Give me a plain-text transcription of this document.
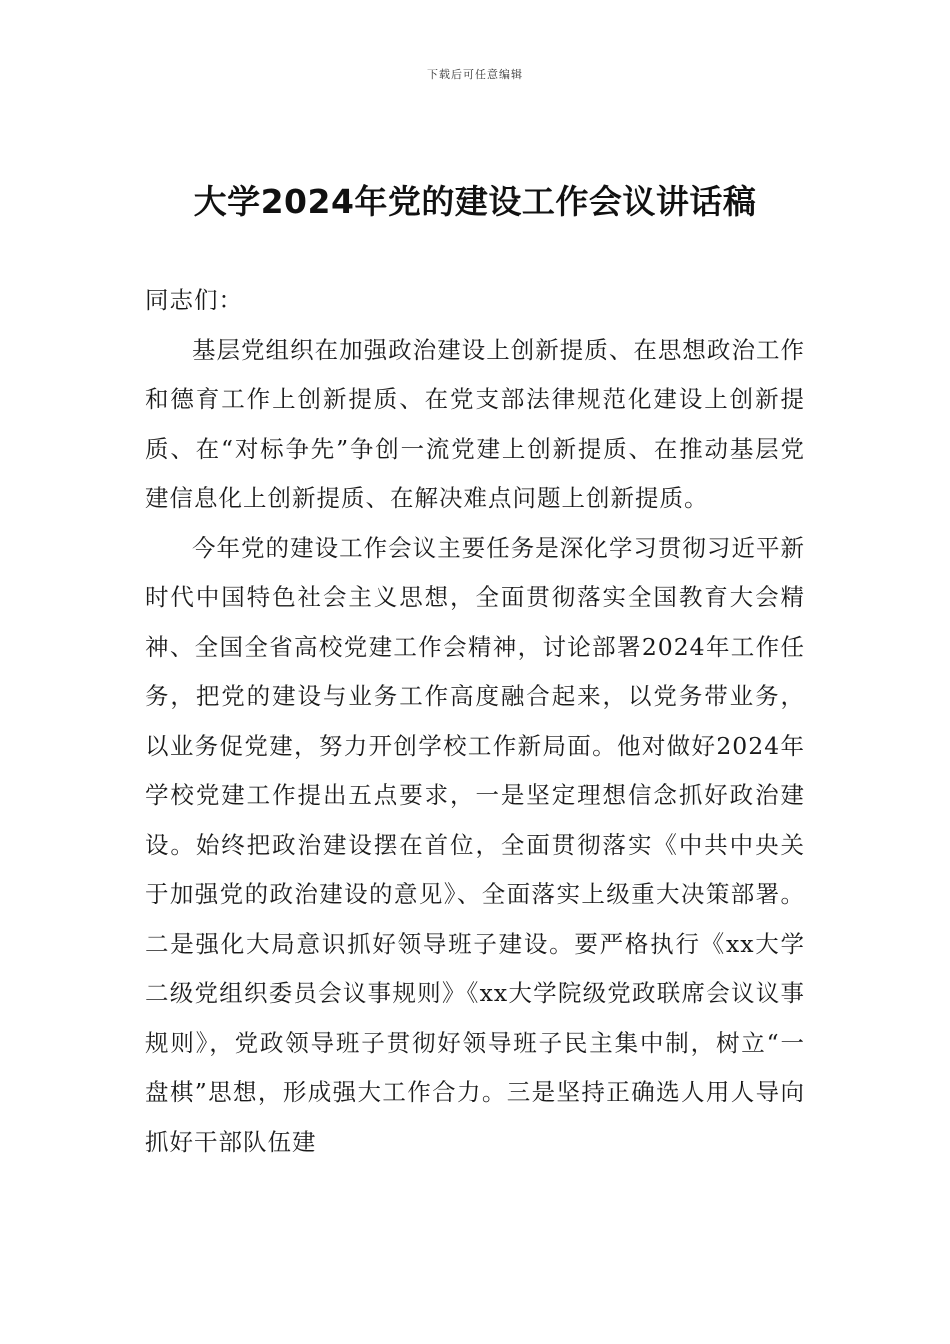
下载后可任意编辑
大学2024年党的建设工作会议讲话稿

同志们：

基层党组织在加强政治建设上创新提质、在思想政治工作和德育工作上创新提质、在党支部法律规范化建设上创新提质、在“对标争先”争创一流党建上创新提质、在推动基层党建信息化上创新提质、在解决难点问题上创新提质。

今年党的建设工作会议主要任务是深化学习贯彻习近平新时代中国特色社会主义思想，全面贯彻落实全国教育大会精神、全国全省高校党建工作会精神，讨论部署2024年工作任务，把党的建设与业务工作高度融合起来，以党务带业务，以业务促党建，努力开创学校工作新局面。他对做好2024年学校党建工作提出五点要求，一是坚定理想信念抓好政治建设。始终把政治建设摆在首位，全面贯彻落实《中共中央关于加强党的政治建设的意见》、全面落实上级重大决策部署。二是强化大局意识抓好领导班子建设。要严格执行《xx大学二级党组织委员会议事规则》《xx大学院级党政联席会议议事规则》，党政领导班子贯彻好领导班子民主集中制，树立“一盘棋”思想，形成强大工作合力。三是坚持正确选人用人导向抓好干部队伍建
